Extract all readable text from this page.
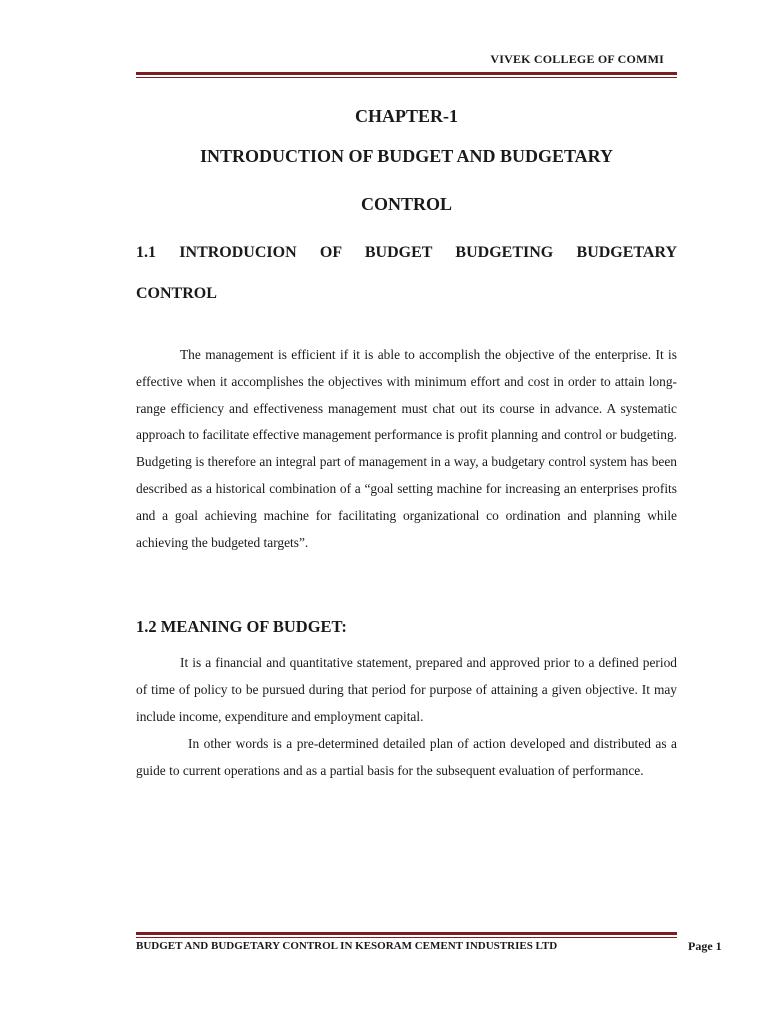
VIVEK COLLEGE OF COMMI
CHAPTER-1
INTRODUCTION OF BUDGET AND BUDGETARY
CONTROL
1.1 INTRODUCION OF BUDGET BUDGETING BUDGETARY
CONTROL

The management is efficient if it is able to accomplish the objective of the enterprise. It is effective when it accomplishes the objectives with minimum effort and cost in order to attain long-range efficiency and effectiveness management must chat out its course in advance. A systematic approach to facilitate effective management performance is profit planning and control or budgeting. Budgeting is therefore an integral part of management in a way, a budgetary control system has been described as a historical combination of a “goal setting machine for increasing an enterprises profits and a goal achieving machine for facilitating organizational co ordination and planning while achieving the budgeted targets”.

1.2 MEANING OF BUDGET:

It is a financial and quantitative statement, prepared and approved prior to a defined period of time of policy to be pursued during that period for purpose of attaining a given objective. It may include income, expenditure and employment capital.

In other words is a pre-determined detailed plan of action developed and distributed as a guide to current operations and as a partial basis for the subsequent evaluation of performance.

BUDGET AND BUDGETARY CONTROL IN KESORAM CEMENT INDUSTRIES LTD	Page 1
